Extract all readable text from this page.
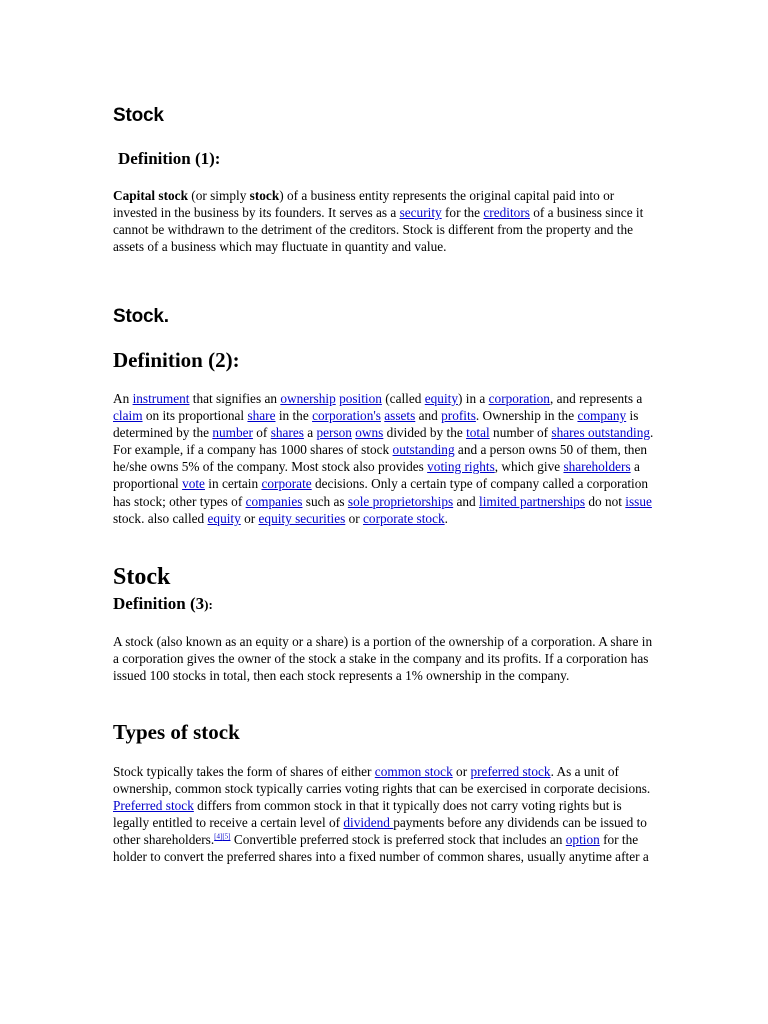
Stock
Definition (1):

Capital stock (or simply stock) of a business entity represents the original capital paid into or invested in the business by its founders. It serves as a security for the creditors of a business since it cannot be withdrawn to the detriment of the creditors. Stock is different from the property and the assets of a business which may fluctuate in quantity and value.

Stock.
Definition (2):

An instrument that signifies an ownership position (called equity) in a corporation, and represents a claim on its proportional share in the corporation's assets and profits. Ownership in the company is determined by the number of shares a person owns divided by the total number of shares outstanding. For example, if a company has 1000 shares of stock outstanding and a person owns 50 of them, then he/she owns 5% of the company. Most stock also provides voting rights, which give shareholders a proportional vote in certain corporate decisions. Only a certain type of company called a corporation has stock; other types of companies such as sole proprietorships and limited partnerships do not issue stock. also called equity or equity securities or corporate stock.

Stock
Definition (3):

A stock (also known as an equity or a share) is a portion of the ownership of a corporation. A share in a corporation gives the owner of the stock a stake in the company and its profits. If a corporation has issued 100 stocks in total, then each stock represents a 1% ownership in the company.

Types of stock

Stock typically takes the form of shares of either common stock or preferred stock. As a unit of ownership, common stock typically carries voting rights that can be exercised in corporate decisions. Preferred stock differs from common stock in that it typically does not carry voting rights but is legally entitled to receive a certain level of dividend payments before any dividends can be issued to other shareholders.[4][5] Convertible preferred stock is preferred stock that includes an option for the holder to convert the preferred shares into a fixed number of common shares, usually anytime after a
